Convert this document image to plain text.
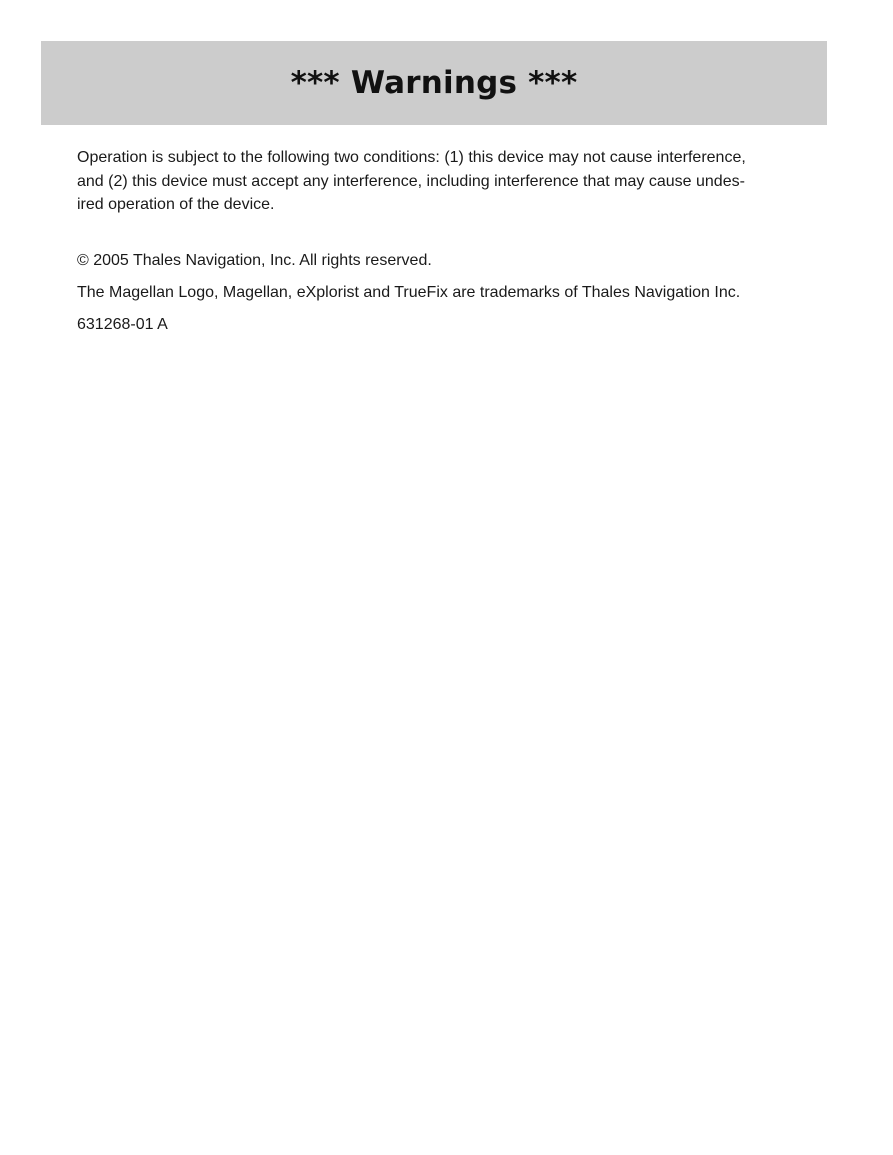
*** Warnings ***

Operation is subject to the following two conditions: (1) this device may not cause interference,
and (2) this device must accept any interference, including interference that may cause undes-
ired operation of the device.

© 2005 Thales Navigation, Inc. All rights reserved.

The Magellan Logo, Magellan, eXplorist and TrueFix are trademarks of Thales Navigation Inc.

631268-01 A
